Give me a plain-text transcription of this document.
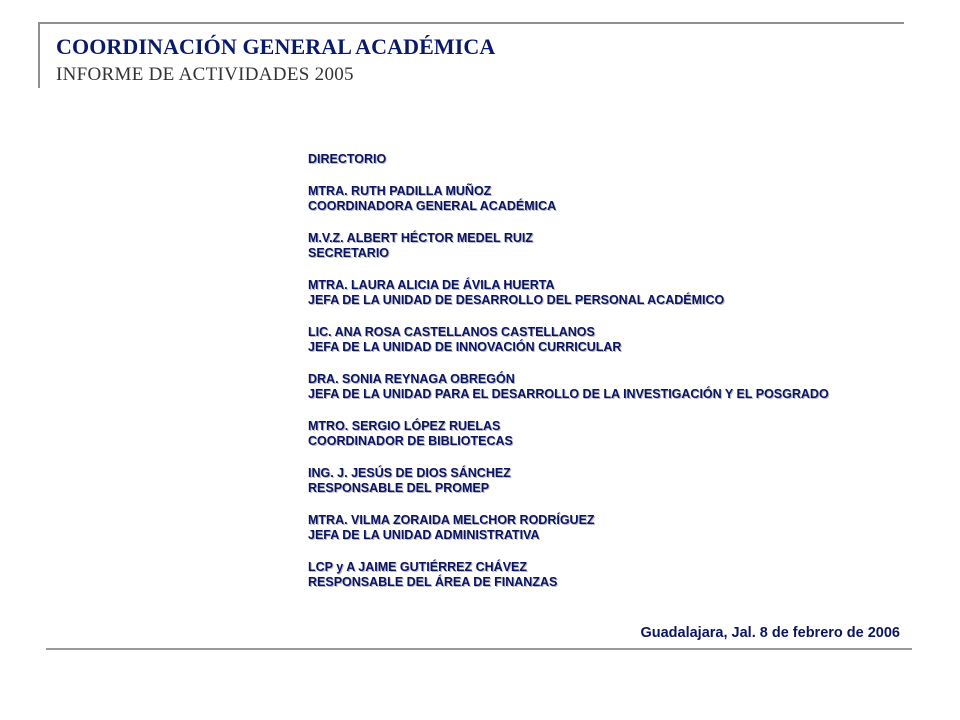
COORDINACIÓN GENERAL ACADÉMICA
INFORME DE ACTIVIDADES 2005
DIRECTORIO
MTRA. RUTH PADILLA MUÑOZ
COORDINADORA GENERAL ACADÉMICA
M.V.Z. ALBERT HÉCTOR MEDEL RUIZ
SECRETARIO
MTRA. LAURA ALICIA DE ÁVILA HUERTA
JEFA DE LA UNIDAD DE DESARROLLO DEL PERSONAL ACADÉMICO
LIC. ANA ROSA CASTELLANOS CASTELLANOS
JEFA DE LA UNIDAD DE INNOVACIÓN CURRICULAR
DRA. SONIA REYNAGA OBREGÓN
JEFA DE LA UNIDAD PARA EL DESARROLLO DE LA INVESTIGACIÓN Y EL POSGRADO
MTRO. SERGIO LÓPEZ RUELAS
COORDINADOR DE BIBLIOTECAS
ING. J. JESÚS DE DIOS SÁNCHEZ
RESPONSABLE DEL PROMEP
MTRA. VILMA ZORAIDA MELCHOR RODRÍGUEZ
JEFA DE LA UNIDAD ADMINISTRATIVA
LCP y A JAIME GUTIÉRREZ CHÁVEZ
RESPONSABLE DEL ÁREA DE FINANZAS
Guadalajara, Jal. 8 de febrero de 2006
